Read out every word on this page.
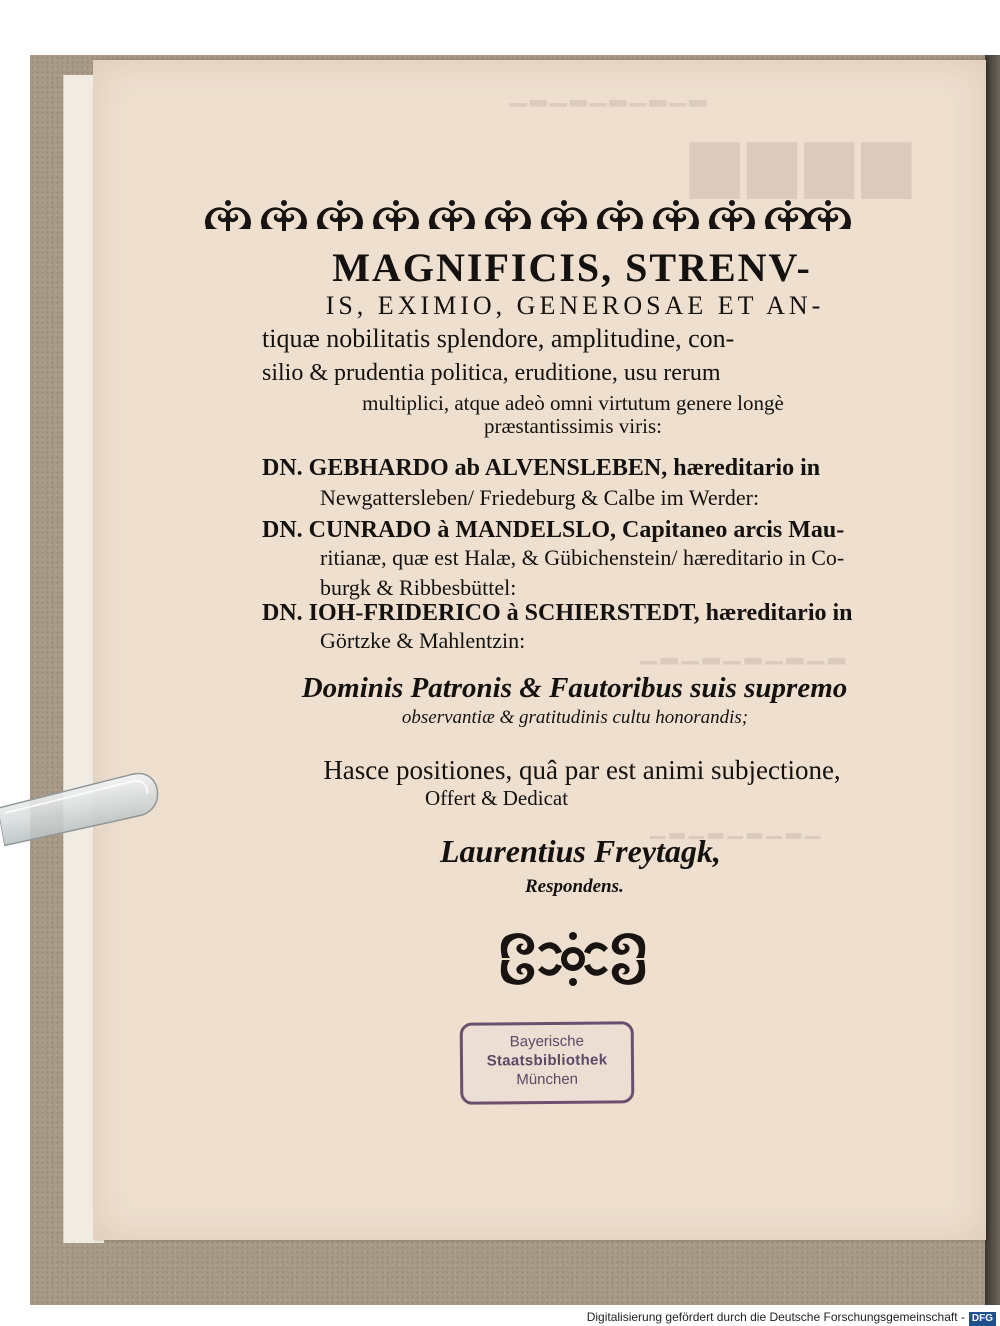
MAGNIFICIS, STRENV-
IS, EXIMIO, GENEROSAE ET AN-
tiquæ nobilitatis splendore, amplitudine, con-
silio & prudentia politica, eruditione, usu rerum
multiplici, atque adeò omni virtutum genere longè
præstantissimis viris:
DN. GEBHARDO ab ALVENSLEBEN, hæreditario in
Newgattersleben/ Friedeburg & Calbe im Werder:
DN. CUNRADO à MANDELSLO, Capitaneo arcis Mau-
ritianæ, quæ est Halæ, & Gübichenstein/ hæreditario in Co-
burgk & Ribbesbüttel:
DN. IOH-FRIDERICO à SCHIERSTEDT, hæreditario in
Görtzke & Mahlentzin:
Dominis Patronis & Fautoribus suis supremo
observantiæ & gratitudinis cultu honorandis;
Hasce positiones, quâ par est animi subjectione,
Offert & Dedicat
Laurentius Freytagk,
Respondens.
Bayerische
Staatsbibliothek
München
Digitalisierung gefördert durch die Deutsche Forschungsgemeinschaft - DFG
